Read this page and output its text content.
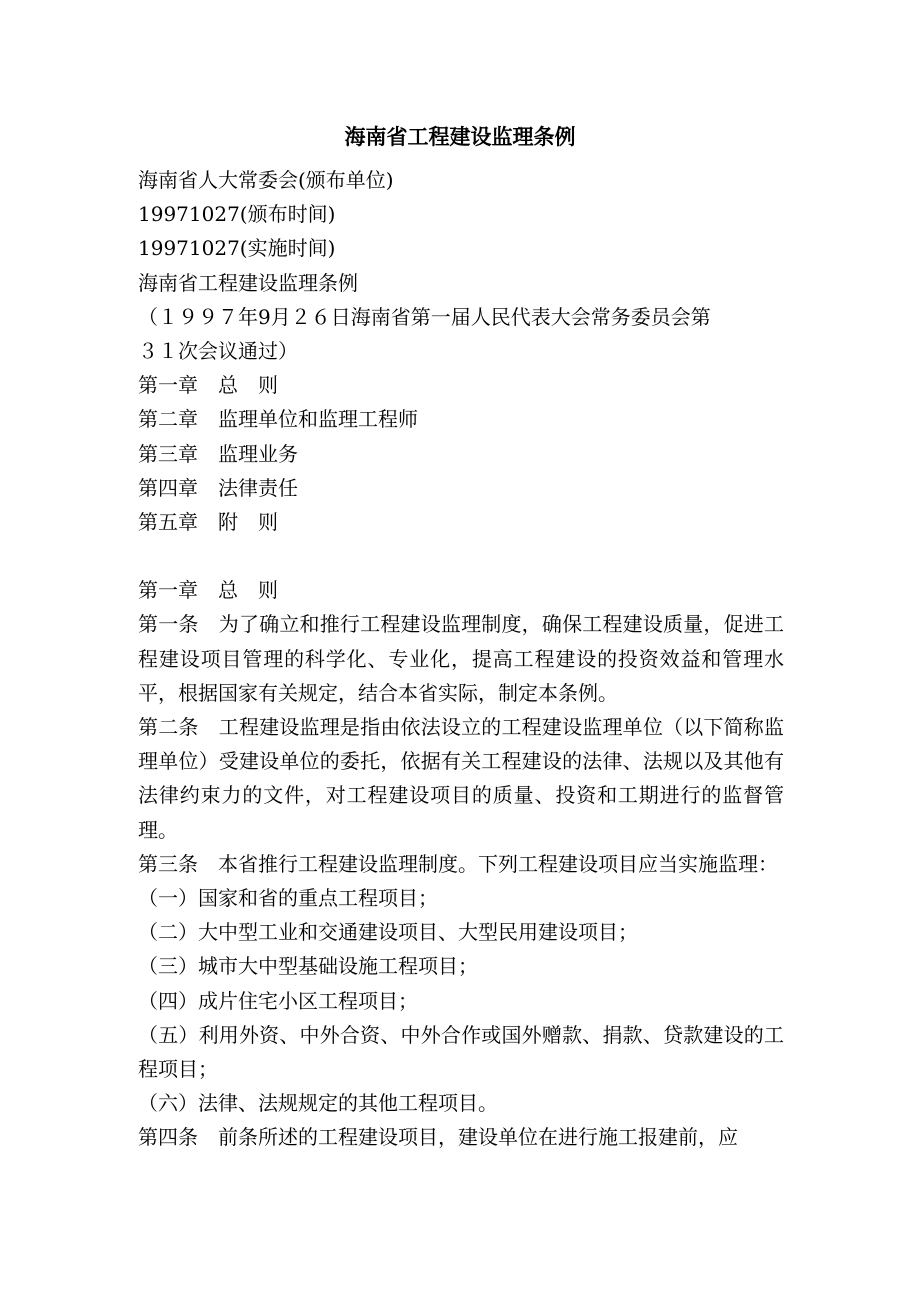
海南省工程建设监理条例
海南省人大常委会(颁布单位)
19971027(颁布时间)
19971027(实施时间)
海南省工程建设监理条例
（１９９７年9月２６日海南省第一届人民代表大会常务委员会第
３１次会议通过）
第一章　总　则
第二章　监理单位和监理工程师
第三章　监理业务
第四章　法律责任
第五章　附　则
第一章　总　则

第一条　为了确立和推行工程建设监理制度，确保工程建设质量，促进工程建设项目管理的科学化、专业化，提高工程建设的投资效益和管理水平，根据国家有关规定，结合本省实际，制定本条例。

第二条　工程建设监理是指由依法设立的工程建设监理单位（以下简称监理单位）受建设单位的委托，依据有关工程建设的法律、法规以及其他有法律约束力的文件，对工程建设项目的质量、投资和工期进行的监督管理。

第三条　本省推行工程建设监理制度。下列工程建设项目应当实施监理：

（一）国家和省的重点工程项目；

（二）大中型工业和交通建设项目、大型民用建设项目；

（三）城市大中型基础设施工程项目；

（四）成片住宅小区工程项目；

（五）利用外资、中外合资、中外合作或国外赠款、捐款、贷款建设的工程项目；

（六）法律、法规规定的其他工程项目。

第四条　前条所述的工程建设项目，建设单位在进行施工报建前，应
